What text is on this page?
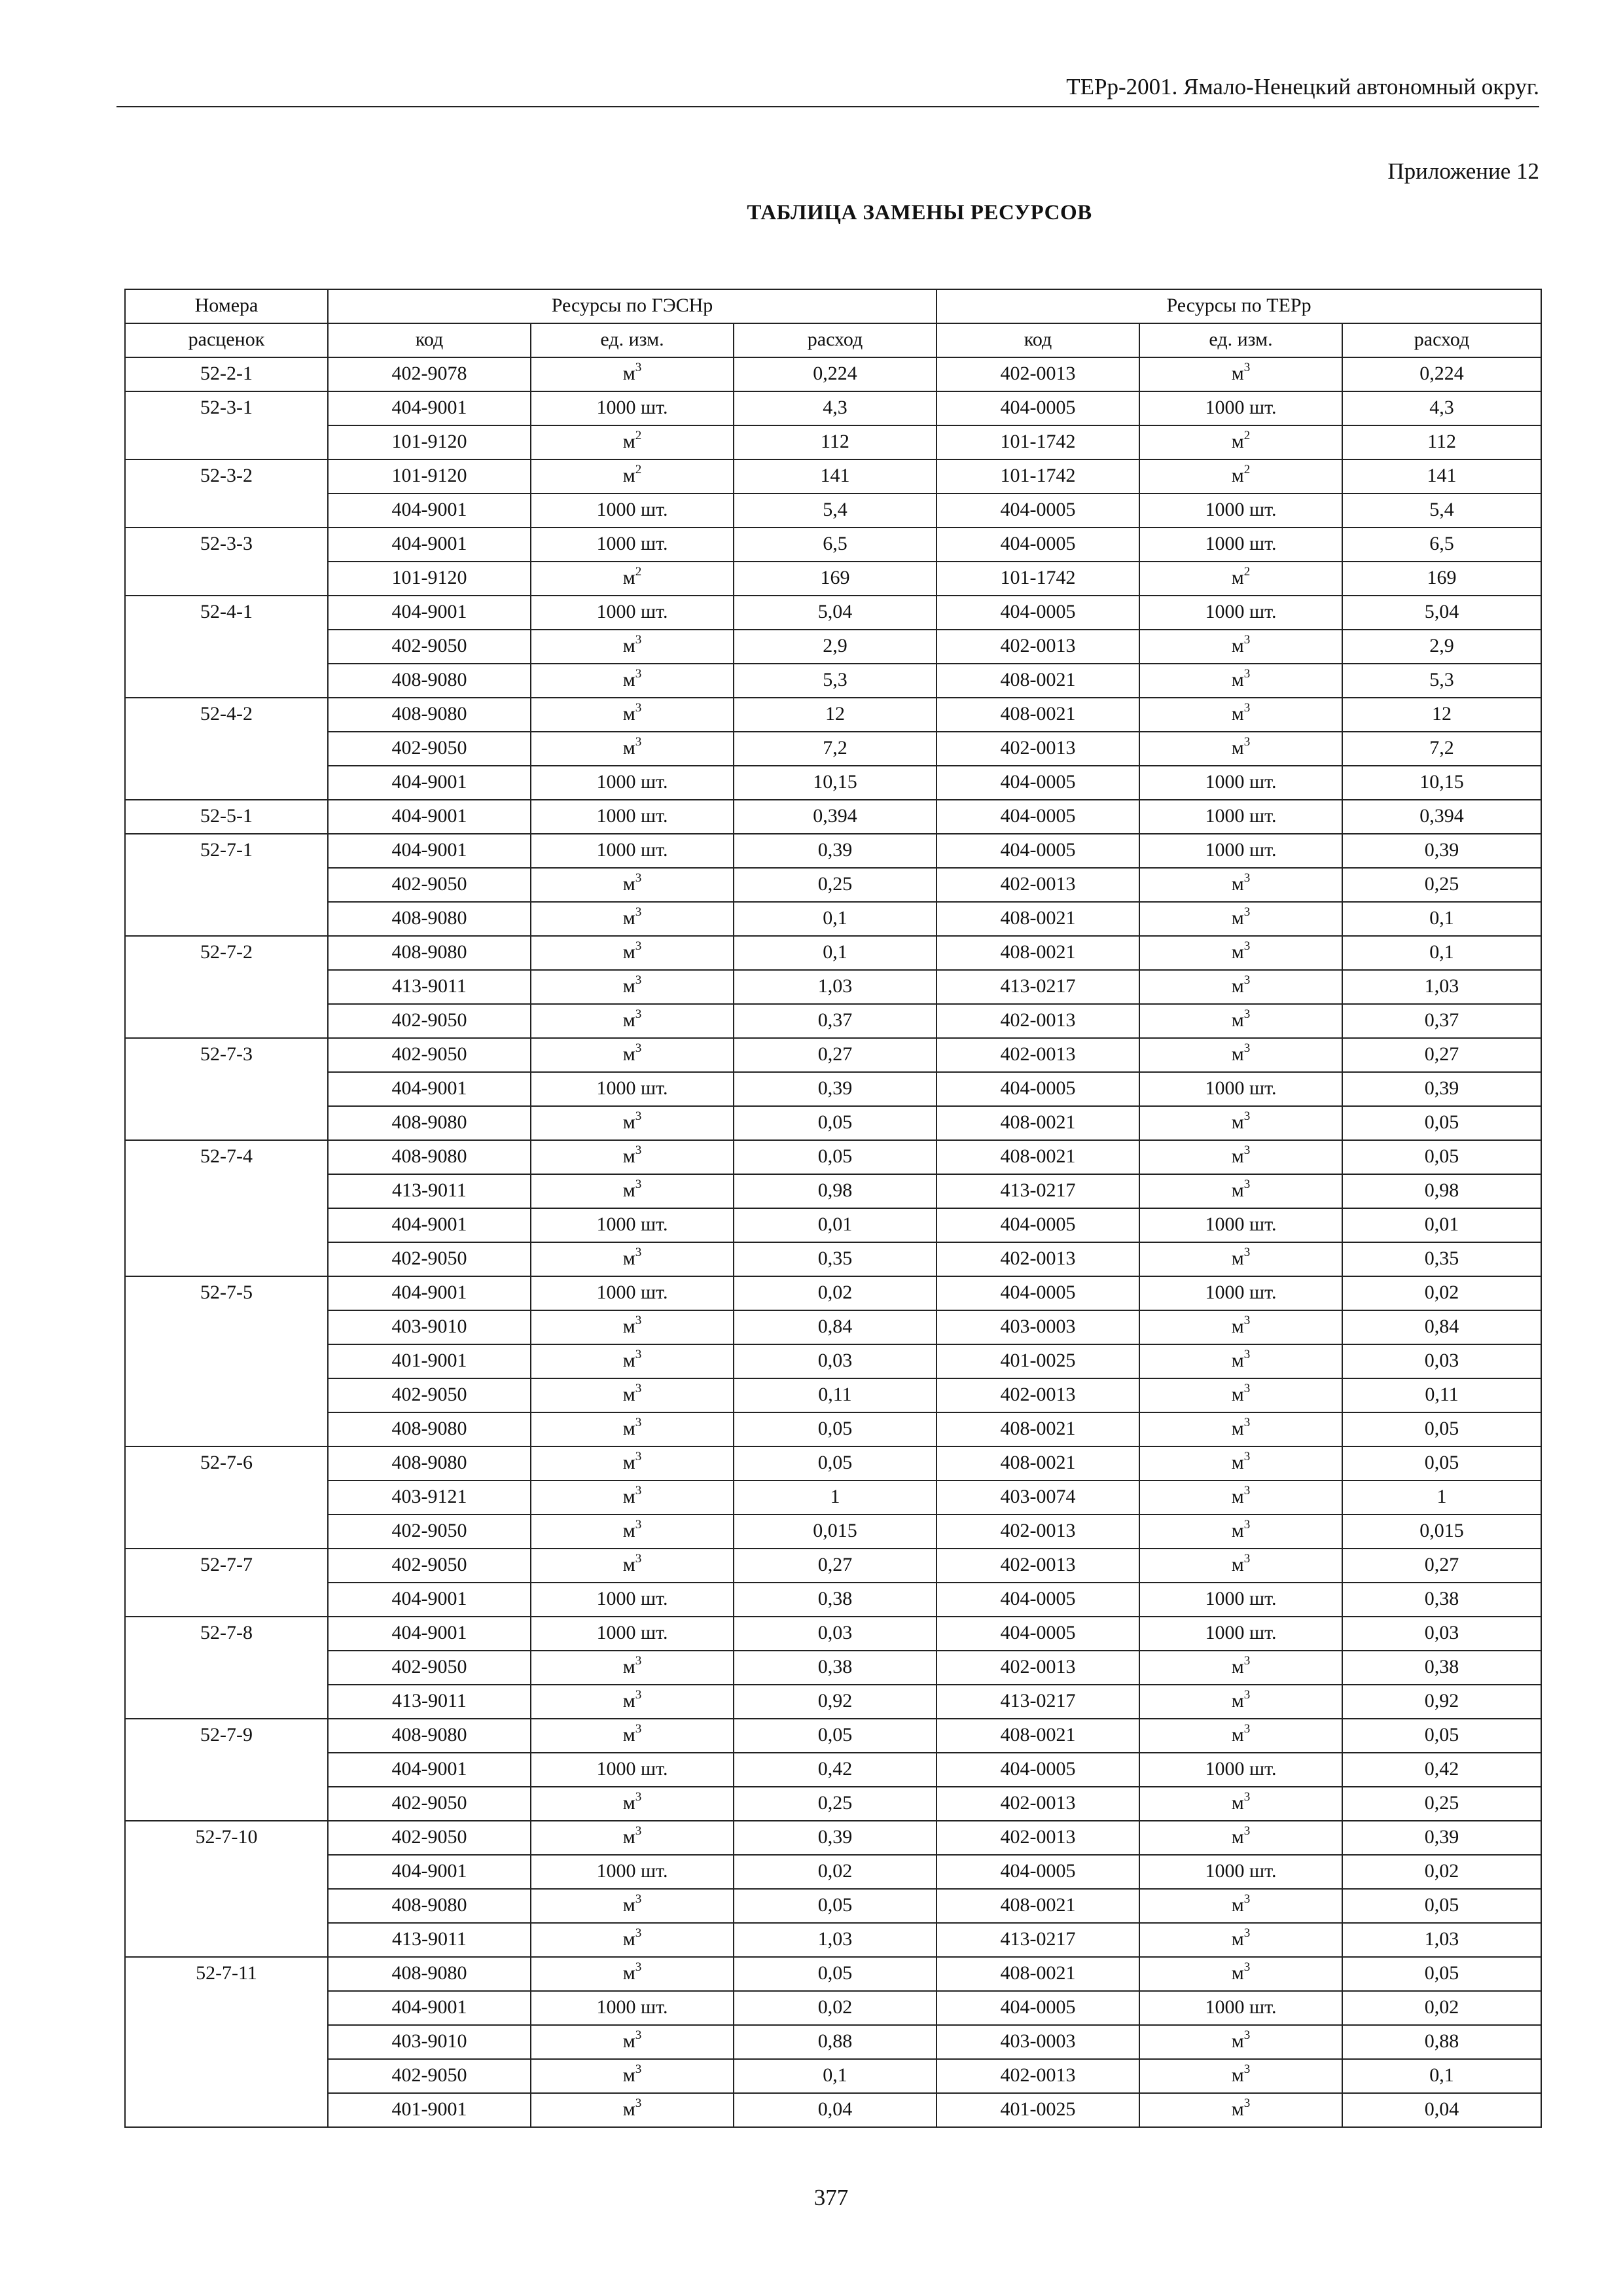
ТЕРр-2001. Ямало-Ненецкий автономный округ.
Приложение 12
ТАБЛИЦА ЗАМЕНЫ РЕСУРСОВ
Номера	Ресурсы по ГЭСНр			Ресурсы по ТЕРр		
расценок	код	ед. изм.	расход	код	ед. изм.	расход
52-2-1	402-9078	$м^3$	0,224	402-0013	$м^3$	0,224
52-3-1	404-9001	1000 шт.	4,3	404-0005	1000 шт.	4,3
	101-9120	$м^2$	112	101-1742	$м^2$	112
52-3-2	101-9120	$м^2$	141	101-1742	$м^2$	141
	404-9001	1000 шт.	5,4	404-0005	1000 шт.	5,4
52-3-3	404-9001	1000 шт.	6,5	404-0005	1000 шт.	6,5
	101-9120	$м^2$	169	101-1742	$м^2$	169
52-4-1	404-9001	1000 шт.	5,04	404-0005	1000 шт.	5,04
	402-9050	$м^3$	2,9	402-0013	$м^3$	2,9
	408-9080	$м^3$	5,3	408-0021	$м^3$	5,3
52-4-2	408-9080	$м^3$	12	408-0021	$м^3$	12
	402-9050	$м^3$	7,2	402-0013	$м^3$	7,2
	404-9001	1000 шт.	10,15	404-0005	1000 шт.	10,15
52-5-1	404-9001	1000 шт.	0,394	404-0005	1000 шт.	0,394
52-7-1	404-9001	1000 шт.	0,39	404-0005	1000 шт.	0,39
	402-9050	$м^3$	0,25	402-0013	$м^3$	0,25
	408-9080	$м^3$	0,1	408-0021	$м^3$	0,1
52-7-2	408-9080	$м^3$	0,1	408-0021	$м^3$	0,1
	413-9011	$м^3$	1,03	413-0217	$м^3$	1,03
	402-9050	$м^3$	0,37	402-0013	$м^3$	0,37
52-7-3	402-9050	$м^3$	0,27	402-0013	$м^3$	0,27
	404-9001	1000 шт.	0,39	404-0005	1000 шт.	0,39
	408-9080	$м^3$	0,05	408-0021	$м^3$	0,05
52-7-4	408-9080	$м^3$	0,05	408-0021	$м^3$	0,05
	413-9011	$м^3$	0,98	413-0217	$м^3$	0,98
	404-9001	1000 шт.	0,01	404-0005	1000 шт.	0,01
	402-9050	$м^3$	0,35	402-0013	$м^3$	0,35
52-7-5	404-9001	1000 шт.	0,02	404-0005	1000 шт.	0,02
	403-9010	$м^3$	0,84	403-0003	$м^3$	0,84
	401-9001	$м^3$	0,03	401-0025	$м^3$	0,03
	402-9050	$м^3$	0,11	402-0013	$м^3$	0,11
	408-9080	$м^3$	0,05	408-0021	$м^3$	0,05
52-7-6	408-9080	$м^3$	0,05	408-0021	$м^3$	0,05
	403-9121	$м^3$	1	403-0074	$м^3$	1
	402-9050	$м^3$	0,015	402-0013	$м^3$	0,015
52-7-7	402-9050	$м^3$	0,27	402-0013	$м^3$	0,27
	404-9001	1000 шт.	0,38	404-0005	1000 шт.	0,38
52-7-8	404-9001	1000 шт.	0,03	404-0005	1000 шт.	0,03
	402-9050	$м^3$	0,38	402-0013	$м^3$	0,38
	413-9011	$м^3$	0,92	413-0217	$м^3$	0,92
52-7-9	408-9080	$м^3$	0,05	408-0021	$м^3$	0,05
	404-9001	1000 шт.	0,42	404-0005	1000 шт.	0,42
	402-9050	$м^3$	0,25	402-0013	$м^3$	0,25
52-7-10	402-9050	$м^3$	0,39	402-0013	$м^3$	0,39
	404-9001	1000 шт.	0,02	404-0005	1000 шт.	0,02
	408-9080	$м^3$	0,05	408-0021	$м^3$	0,05
	413-9011	$м^3$	1,03	413-0217	$м^3$	1,03
52-7-11	408-9080	$м^3$	0,05	408-0021	$м^3$	0,05
	404-9001	1000 шт.	0,02	404-0005	1000 шт.	0,02
	403-9010	$м^3$	0,88	403-0003	$м^3$	0,88
	402-9050	$м^3$	0,1	402-0013	$м^3$	0,1
	401-9001	$м^3$	0,04	401-0025	$м^3$	0,04
377
